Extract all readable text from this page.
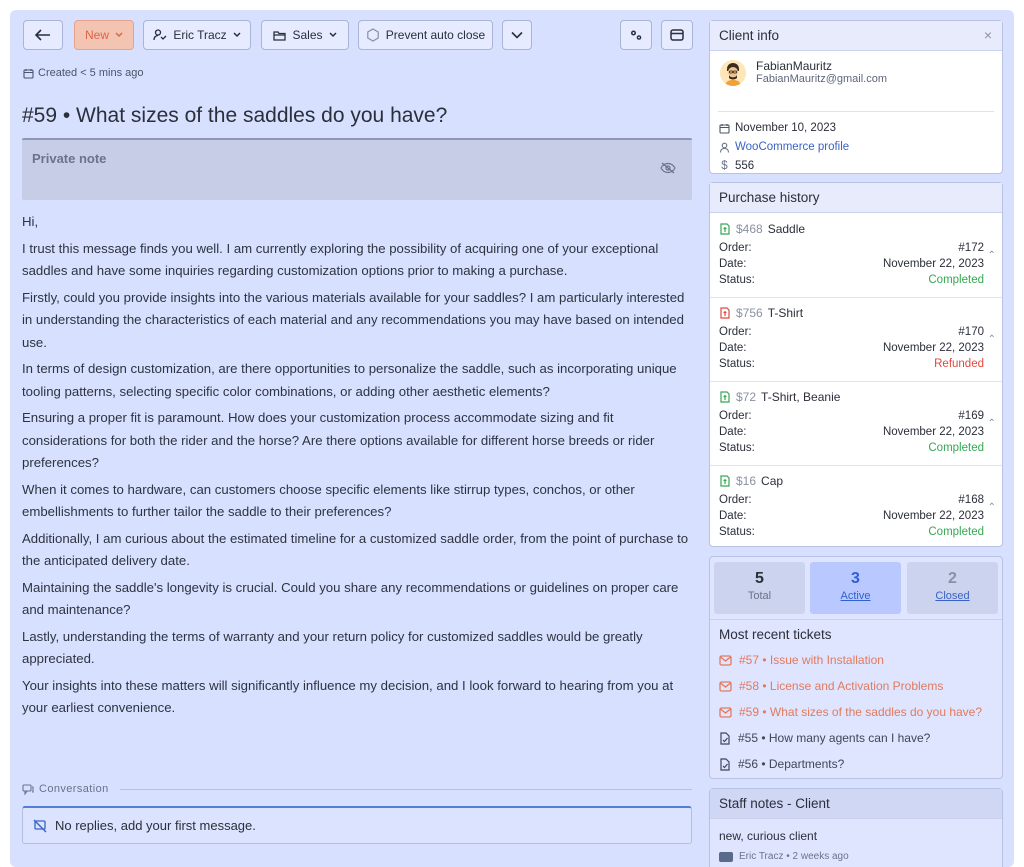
New	Eric Tracz	Sales	Prevent auto close
Created < 5 mins ago
#59 • What sizes of the saddles do you have?
Private note

Hi,

I trust this message finds you well. I am currently exploring the possibility of acquiring one of your exceptional saddles and have some inquiries regarding customization options prior to making a purchase.

Firstly, could you provide insights into the various materials available for your saddles? I am particularly interested in understanding the characteristics of each material and any recommendations you may have based on intended use.

In terms of design customization, are there opportunities to personalize the saddle, such as incorporating unique tooling patterns, selecting specific color combinations, or adding other aesthetic elements?

Ensuring a proper fit is paramount. How does your customization process accommodate sizing and fit considerations for both the rider and the horse? Are there options available for different horse breeds or rider preferences?

When it comes to hardware, can customers choose specific elements like stirrup types, conchos, or other embellishments to further tailor the saddle to their preferences?

Additionally, I am curious about the estimated timeline for a customized saddle order, from the point of purchase to the anticipated delivery date.

Maintaining the saddle's longevity is crucial. Could you share any recommendations or guidelines on proper care and maintenance?

Lastly, understanding the terms of warranty and your return policy for customized saddles would be greatly appreciated.

Your insights into these matters will significantly influence my decision, and I look forward to hearing from you at your earliest convenience.

Conversation
No replies, add your first message.
Client info	×
FabianMauritz
FabianMauritz@gmail.com
November 10, 2023
WooCommerce profile
$ 556
Purchase history
$468 Saddle
Order:	#172
Date:	November 22, 2023
Status:	Completed
⌃
$756 T-Shirt
Order:	#170
Date:	November 22, 2023
Status:	Refunded
⌃
$72 T-Shirt, Beanie
Order:	#169
Date:	November 22, 2023
Status:	Completed
⌃
$16 Cap
Order:	#168
Date:	November 22, 2023
Status:	Completed
⌃
5
Total
3
Active
2
Closed
Most recent tickets
#57 • Issue with Installation
#58 • License and Activation Problems
#59 • What sizes of the saddles do you have?
#55 • How many agents can I have?
#56 • Departments?
Staff notes - Client
new, curious client
Eric Tracz • 2 weeks ago
